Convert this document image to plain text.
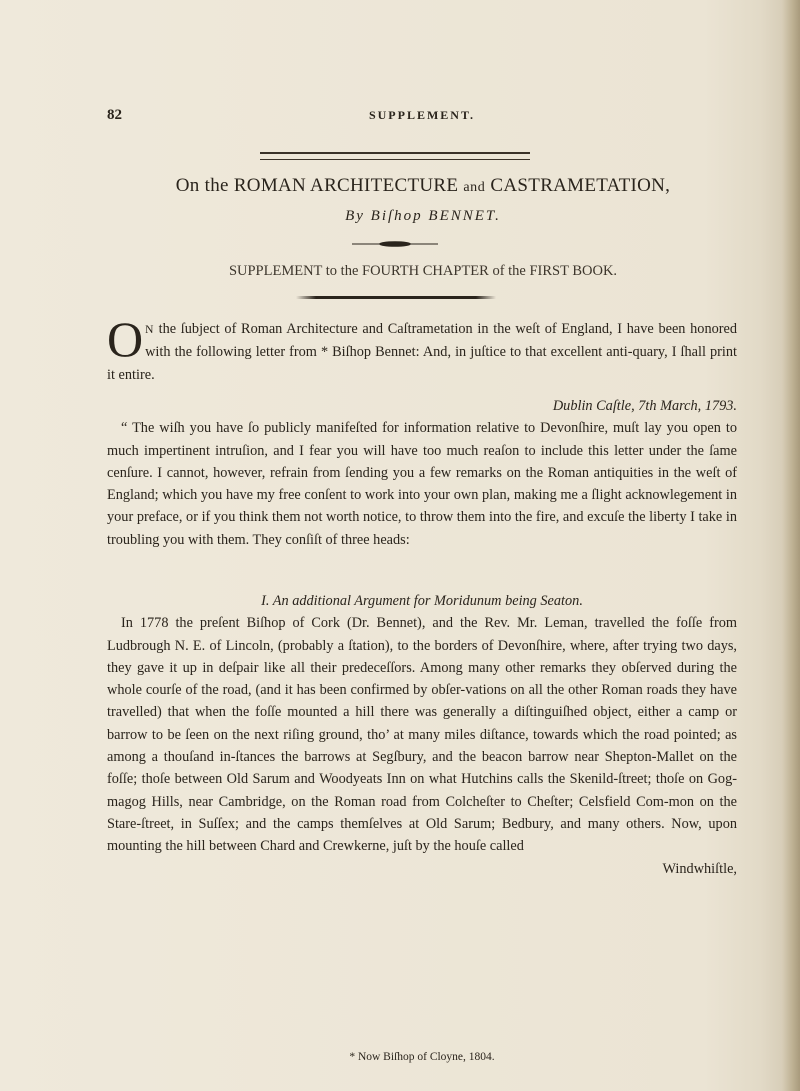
82	SUPPLEMENT.
On the ROMAN ARCHITECTURE and CASTRAMETATION,
By Biſhop BENNET.
SUPPLEMENT to the FOURTH CHAPTER of the FIRST BOOK.

O N the ſubject of Roman Architecture and Caſtrametation in the weſt of England, I have been honored with the following letter from * Biſhop Bennet: And, in juſtice to that excellent anti-quary, I ſhall print it entire.

Dublin Caſtle, 7th March, 1793.

“ The wiſh you have ſo publicly manifeſted for information relative to Devonſhire, muſt lay you open to much impertinent intruſion, and I fear you will have too much reaſon to include this letter under the ſame cenſure. I cannot, however, refrain from ſending you a few remarks on the Roman antiquities in the weſt of England; which you have my free conſent to work into your own plan, making me a ſlight acknowlegement in your preface, or if you think them not worth notice, to throw them into the fire, and excuſe the liberty I take in troubling you with them. They conſiſt of three heads:

I. An additional Argument for Moridunum being Seaton.

In 1778 the preſent Biſhop of Cork (Dr. Bennet), and the Rev. Mr. Leman, travelled the foſſe from Ludbrough N. E. of Lincoln, (probably a ſtation), to the borders of Devonſhire, where, after trying two days, they gave it up in deſpair like all their predeceſſors. Among many other remarks they obſerved during the whole courſe of the road, (and it has been confirmed by obſer-vations on all the other Roman roads they have travelled) that when the foſſe mounted a hill there was generally a diſtinguiſhed object, either a camp or barrow to be ſeen on the next riſing ground, tho’ at many miles diſtance, towards which the road pointed; as among a thouſand in-ſtances the barrows at Segſbury, and the beacon barrow near Shepton-Mallet on the foſſe; thoſe between Old Sarum and Woodyeats Inn on what Hutchins calls the Skenild-ſtreet; thoſe on Gog-magog Hills, near Cambridge, on the Roman road from Colcheſter to Cheſter; Celsfield Com-mon on the Stare-ſtreet, in Suſſex; and the camps themſelves at Old Sarum; Bedbury, and many others. Now, upon mounting the hill between Chard and Crewkerne, juſt by the houſe called

Windwhiſtle,

* Now Biſhop of Cloyne, 1804.
